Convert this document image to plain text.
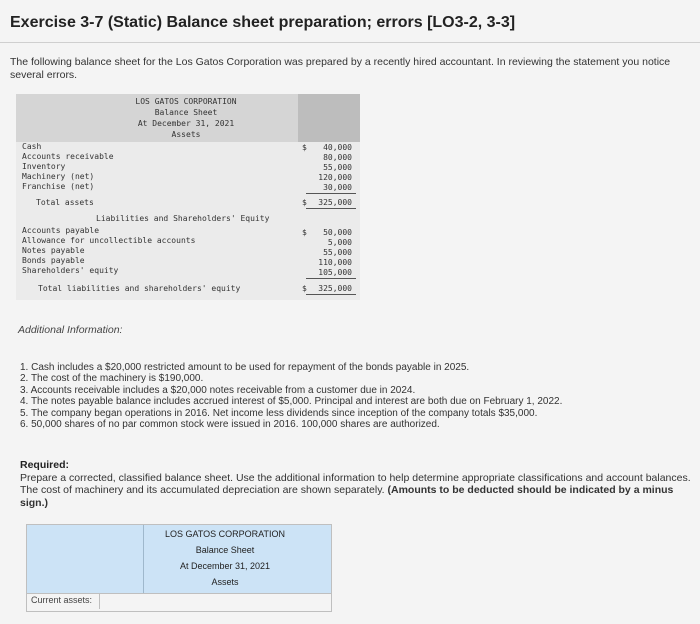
Exercise 3-7 (Static) Balance sheet preparation; errors [LO3-2, 3-3]
The following balance sheet for the Los Gatos Corporation was prepared by a recently hired accountant. In reviewing the statement you notice several errors.
LOS GATOS CORPORATION
Balance Sheet
At December 31, 2021
Assets
Cash
Accounts receivable
Inventory
Machinery (net)
Franchise (net)
$ 40,000
80,000
55,000
120,000
30,000
Total assets	$ 325,000
Liabilities and Shareholders' Equity
Accounts payable
Allowance for uncollectible accounts
Notes payable
Bonds payable
Shareholders' equity
$ 50,000
5,000
55,000
110,000
105,000
Total liabilities and shareholders' equity	$ 325,000
Additional Information:
1. Cash includes a $20,000 restricted amount to be used for repayment of the bonds payable in 2025.
2. The cost of the machinery is $190,000.
3. Accounts receivable includes a $20,000 notes receivable from a customer due in 2024.
4. The notes payable balance includes accrued interest of $5,000. Principal and interest are both due on February 1, 2022.
5. The company began operations in 2016. Net income less dividends since inception of the company totals $35,000.
6. 50,000 shares of no par common stock were issued in 2016. 100,000 shares are authorized.
Required:
Prepare a corrected, classified balance sheet. Use the additional information to help determine appropriate classifications and account balances. The cost of machinery and its accumulated depreciation are shown separately. (Amounts to be deducted should be indicated by a minus sign.)
LOS GATOS CORPORATION
Balance Sheet
At December 31, 2021
Assets
Current assets:
